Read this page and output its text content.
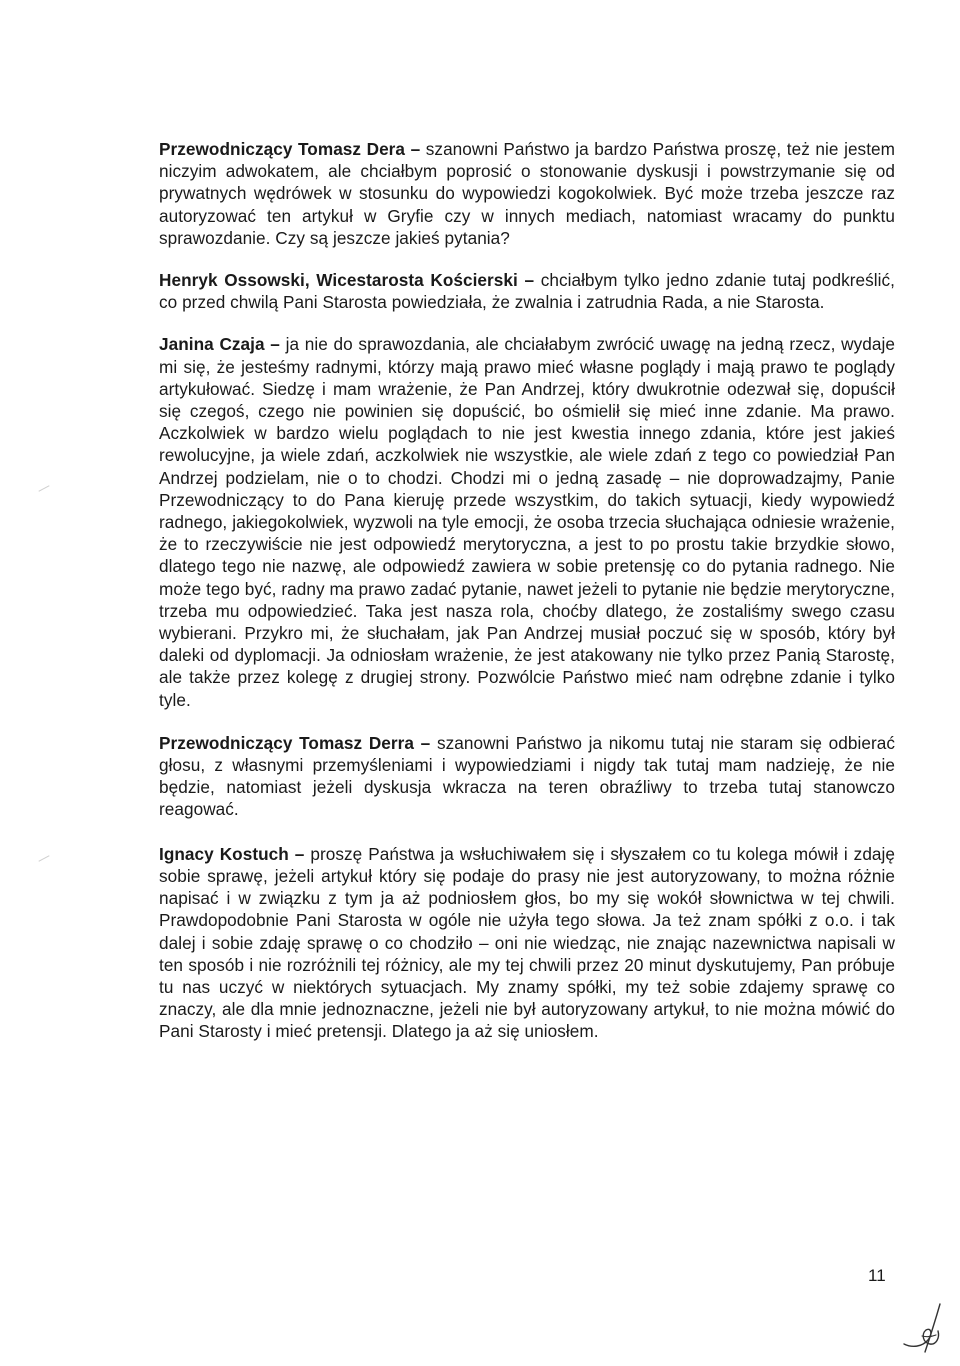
Przewodniczący Tomasz Dera – szanowni Państwo ja bardzo Państwa proszę, też nie jestem niczyim adwokatem, ale chciałbym poprosić o stonowanie dyskusji i powstrzymanie się od prywatnych wędrówek w stosunku do wypowiedzi kogokolwiek. Być może trzeba jeszcze raz autoryzować ten artykuł w Gryfie czy w innych mediach, natomiast wracamy do punktu sprawozdanie. Czy są jeszcze jakieś pytania?

Henryk Ossowski, Wicestarosta Kościerski – chciałbym tylko jedno zdanie tutaj podkreślić, co przed chwilą Pani Starosta powiedziała, że zwalnia i zatrudnia Rada, a nie Starosta.

Janina Czaja – ja nie do sprawozdania, ale chciałabym zwrócić uwagę na jedną rzecz, wydaje mi się, że jesteśmy radnymi, którzy mają prawo mieć własne poglądy i mają prawo te poglądy artykułować. Siedzę i mam wrażenie, że Pan Andrzej, który dwukrotnie odezwał się, dopuścił się czegoś, czego nie powinien się dopuścić, bo ośmielił się mieć inne zdanie. Ma prawo. Aczkolwiek w bardzo wielu poglądach to nie jest kwestia innego zdania, które jest jakieś rewolucyjne, ja wiele zdań, aczkolwiek nie wszystkie, ale wiele zdań z tego co powiedział Pan Andrzej podzielam, nie o to chodzi. Chodzi mi o jedną zasadę – nie doprowadzajmy, Panie Przewodniczący to do Pana kieruję przede wszystkim, do takich sytuacji, kiedy wypowiedź radnego, jakiegokolwiek, wyzwoli na tyle emocji, że osoba trzecia słuchająca odniesie wrażenie, że to rzeczywiście nie jest odpowiedź merytoryczna, a jest to po prostu takie brzydkie słowo, dlatego tego nie nazwę, ale odpowiedź zawiera w sobie pretensję co do pytania radnego. Nie może tego być, radny ma prawo zadać pytanie, nawet jeżeli to pytanie nie będzie merytoryczne, trzeba mu odpowiedzieć. Taka jest nasza rola, choćby dlatego, że zostaliśmy swego czasu wybierani. Przykro mi, że słuchałam, jak Pan Andrzej musiał poczuć się w sposób, który był daleki od dyplomacji. Ja odniosłam wrażenie, że jest atakowany nie tylko przez Panią Starostę, ale także przez kolegę z drugiej strony. Pozwólcie Państwo mieć nam odrębne zdanie i tylko tyle.

Przewodniczący Tomasz Derra – szanowni Państwo ja nikomu tutaj nie staram się odbierać głosu, z własnymi przemyśleniami i wypowiedziami i nigdy tak tutaj mam nadzieję, że nie będzie, natomiast jeżeli dyskusja wkracza na teren obraźliwy to trzeba tutaj stanowczo reagować.

Ignacy Kostuch – proszę Państwa ja wsłuchiwałem się i słyszałem co tu kolega mówił i zdaję sobie sprawę, jeżeli artykuł który się podaje do prasy nie jest autoryzowany, to można różnie napisać i w związku z tym ja aż podniosłem głos, bo my się wokół słownictwa w tej chwili. Prawdopodobnie Pani Starosta w ogóle nie użyła tego słowa. Ja też znam spółki z o.o. i tak dalej i sobie zdaję sprawę o co chodziło – oni nie wiedząc, nie znając nazewnictwa napisali w ten sposób i nie rozróżnili tej różnicy, ale my tej chwili przez 20 minut dyskutujemy, Pan próbuje tu nas uczyć w niektórych sytuacjach. My znamy spółki, my też sobie zdajemy sprawę co znaczy, ale dla mnie jednoznaczne, jeżeli nie był autoryzowany artykuł, to nie można mówić do Pani Starosty i mieć pretensji. Dlatego ja aż się uniosłem.

11
